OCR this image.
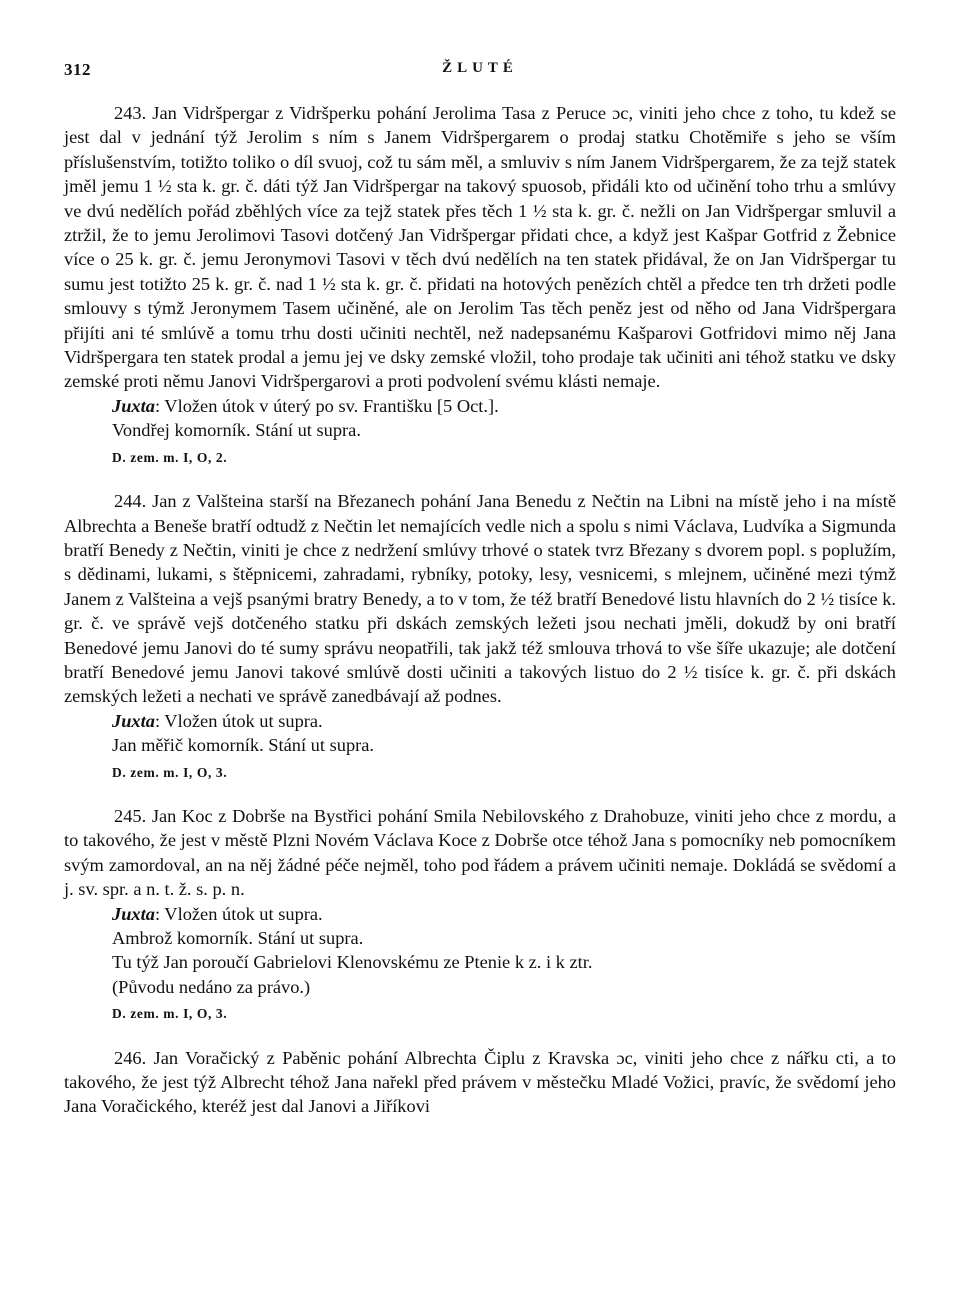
312	ŽLUTÉ

243. Jan Vidršpergar z Vidršperku pohání Jerolima Tasa z Peruce ɔc, viniti jeho chce z toho, tu kdež se jest dal v jednání týž Jerolim s ním s Janem Vidršpergarem o prodaj statku Chotěmiře s jeho se vším příslušenstvím, totižto toliko o díl svuoj, což tu sám měl, a smluviv s ním Janem Vidršpergarem, že za tejž statek jměl jemu 1 ½ sta k. gr. č. dáti týž Jan Vidršpergar na takový spuosob, přidáli kto od učinění toho trhu a smlúvy ve dvú nedělích pořád zběhlých více za tejž statek přes těch 1 ½ sta k. gr. č. nežli on Jan Vidršpergar smluvil a ztržil, že to jemu Jerolimovi Tasovi dotčený Jan Vidršpergar přidati chce, a když jest Kašpar Gotfrid z Žebnice více o 25 k. gr. č. jemu Jeronymovi Tasovi v těch dvú nedělích na ten statek přidával, že on Jan Vidršpergar tu sumu jest totižto 25 k. gr. č. nad 1 ½ sta k. gr. č. přidati na hotových penězích chtěl a předce ten trh držeti podle smlouvy s týmž Jeronymem Tasem učiněné, ale on Jerolim Tas těch peněz jest od něho od Jana Vidršpergara přijíti ani té smlúvě a tomu trhu dosti učiniti nechtěl, než nadepsanému Kašparovi Gotfridovi mimo něj Jana Vidršpergara ten statek prodal a jemu jej ve dsky zemské vložil, toho prodaje tak učiniti ani téhož statku ve dsky zemské proti němu Janovi Vidršpergarovi a proti podvolení svému klásti nemaje.

Juxta: Vložen útok v úterý po sv. Františku [5 Oct.].

Vondřej komorník. Stání ut supra.

D. zem. m. I, O, 2.

244. Jan z Valšteina starší na Březanech pohání Jana Benedu z Nečtin na Libni na místě jeho i na místě Albrechta a Beneše bratří odtudž z Nečtin let nemajících vedle nich a spolu s nimi Václava, Ludvíka a Sigmunda bratří Benedy z Nečtin, viniti je chce z nedržení smlúvy trhové o statek tvrz Březany s dvorem popl. s poplužím, s dědinami, lukami, s štěpnicemi, zahradami, rybníky, potoky, lesy, vesnicemi, s mlejnem, učiněné mezi týmž Janem z Valšteina a vejš psanými bratry Benedy, a to v tom, že též bratří Benedové listu hlavních do 2 ½ tisíce k. gr. č. ve správě vejš dotčeného statku při dskách zemských ležeti jsou nechati jměli, dokudž by oni bratří Benedové jemu Janovi do té sumy správu neopatřili, tak jakž též smlouva trhová to vše šíře ukazuje; ale dotčení bratří Benedové jemu Janovi takové smlúvě dosti učiniti a takových listuo do 2 ½ tisíce k. gr. č. při dskách zemských ležeti a nechati ve správě zanedbávají až podnes.

Juxta: Vložen útok ut supra.

Jan měřič komorník. Stání ut supra.

D. zem. m. I, O, 3.

245. Jan Koc z Dobrše na Bystřici pohání Smila Nebilovského z Drahobuze, viniti jeho chce z mordu, a to takového, že jest v městě Plzni Novém Václava Koce z Dobrše otce téhož Jana s pomocníky neb pomocníkem svým zamordoval, an na něj žádné péče nejměl, toho pod řádem a právem učiniti nemaje. Dokládá se svědomí a j. sv. spr. a n. t. ž. s. p. n.

Juxta: Vložen útok ut supra.

Ambrož komorník. Stání ut supra.

Tu týž Jan poroučí Gabrielovi Klenovskému ze Ptenie k z. i k ztr.

(Původu nedáno za právo.)

D. zem. m. I, O, 3.

246. Jan Voračický z Paběnic pohání Albrechta Čiplu z Kravska ɔc, viniti jeho chce z nářku cti, a to takového, že jest týž Albrecht téhož Jana nařekl před právem v městečku Mladé Vožici, pravíc, že svědomí jeho Jana Voračického, kteréž jest dal Janovi a Jiříkovi
